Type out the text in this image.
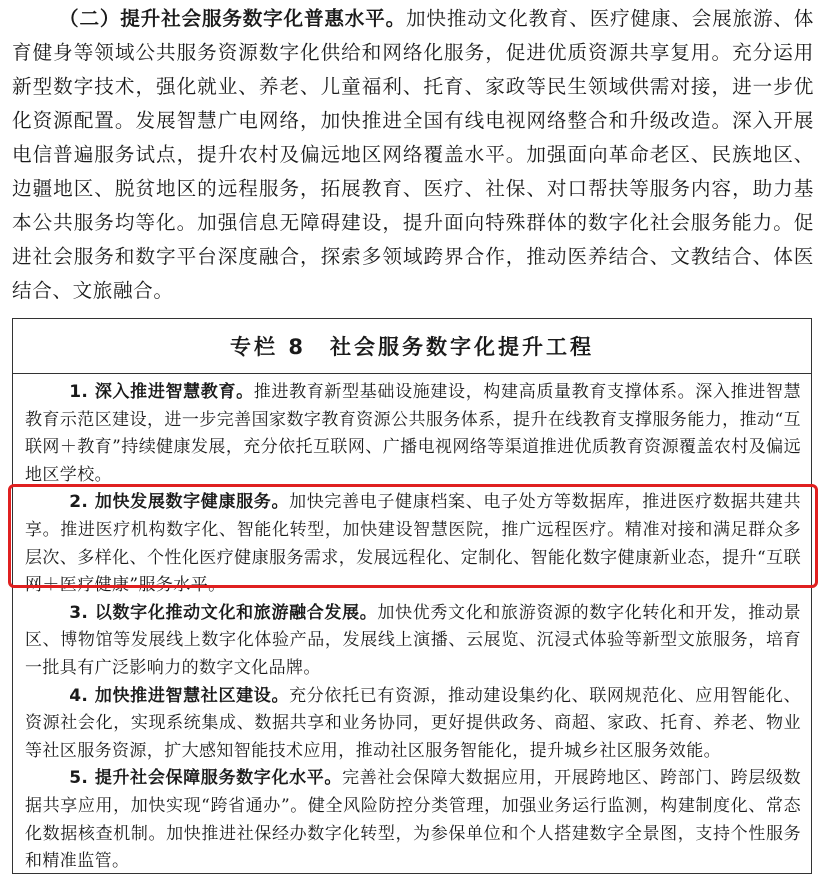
（二）提升社会服务数字化普惠水平。加快推动文化教育、医疗健康、会展旅游、体育健身等领域公共服务资源数字化供给和网络化服务，促进优质资源共享复用。充分运用新型数字技术，强化就业、养老、儿童福利、托育、家政等民生领域供需对接，进一步优化资源配置。发展智慧广电网络，加快推进全国有线电视网络整合和升级改造。深入开展电信普遍服务试点，提升农村及偏远地区网络覆盖水平。加强面向革命老区、民族地区、边疆地区、脱贫地区的远程服务，拓展教育、医疗、社保、对口帮扶等服务内容，助力基本公共服务均等化。加强信息无障碍建设，提升面向特殊群体的数字化社会服务能力。促进社会服务和数字平台深度融合，探索多领域跨界合作，推动医养结合、文教结合、体医结合、文旅融合。

专栏 8　社会服务数字化提升工程

1. 深入推进智慧教育。推进教育新型基础设施建设，构建高质量教育支撑体系。深入推进智慧教育示范区建设，进一步完善国家数字教育资源公共服务体系，提升在线教育支撑服务能力，推动“互联网＋教育”持续健康发展，充分依托互联网、广播电视网络等渠道推进优质教育资源覆盖农村及偏远地区学校。

2. 加快发展数字健康服务。加快完善电子健康档案、电子处方等数据库，推进医疗数据共建共享。推进医疗机构数字化、智能化转型，加快建设智慧医院，推广远程医疗。精准对接和满足群众多层次、多样化、个性化医疗健康服务需求，发展远程化、定制化、智能化数字健康新业态，提升“互联网＋医疗健康”服务水平。

3. 以数字化推动文化和旅游融合发展。加快优秀文化和旅游资源的数字化转化和开发，推动景区、博物馆等发展线上数字化体验产品，发展线上演播、云展览、沉浸式体验等新型文旅服务，培育一批具有广泛影响力的数字文化品牌。

4. 加快推进智慧社区建设。充分依托已有资源，推动建设集约化、联网规范化、应用智能化、资源社会化，实现系统集成、数据共享和业务协同，更好提供政务、商超、家政、托育、养老、物业等社区服务资源，扩大感知智能技术应用，推动社区服务智能化，提升城乡社区服务效能。

5. 提升社会保障服务数字化水平。完善社会保障大数据应用，开展跨地区、跨部门、跨层级数据共享应用，加快实现“跨省通办”。健全风险防控分类管理，加强业务运行监测，构建制度化、常态化数据核查机制。加快推进社保经办数字化转型，为参保单位和个人搭建数字全景图，支持个性服务和精准监管。
